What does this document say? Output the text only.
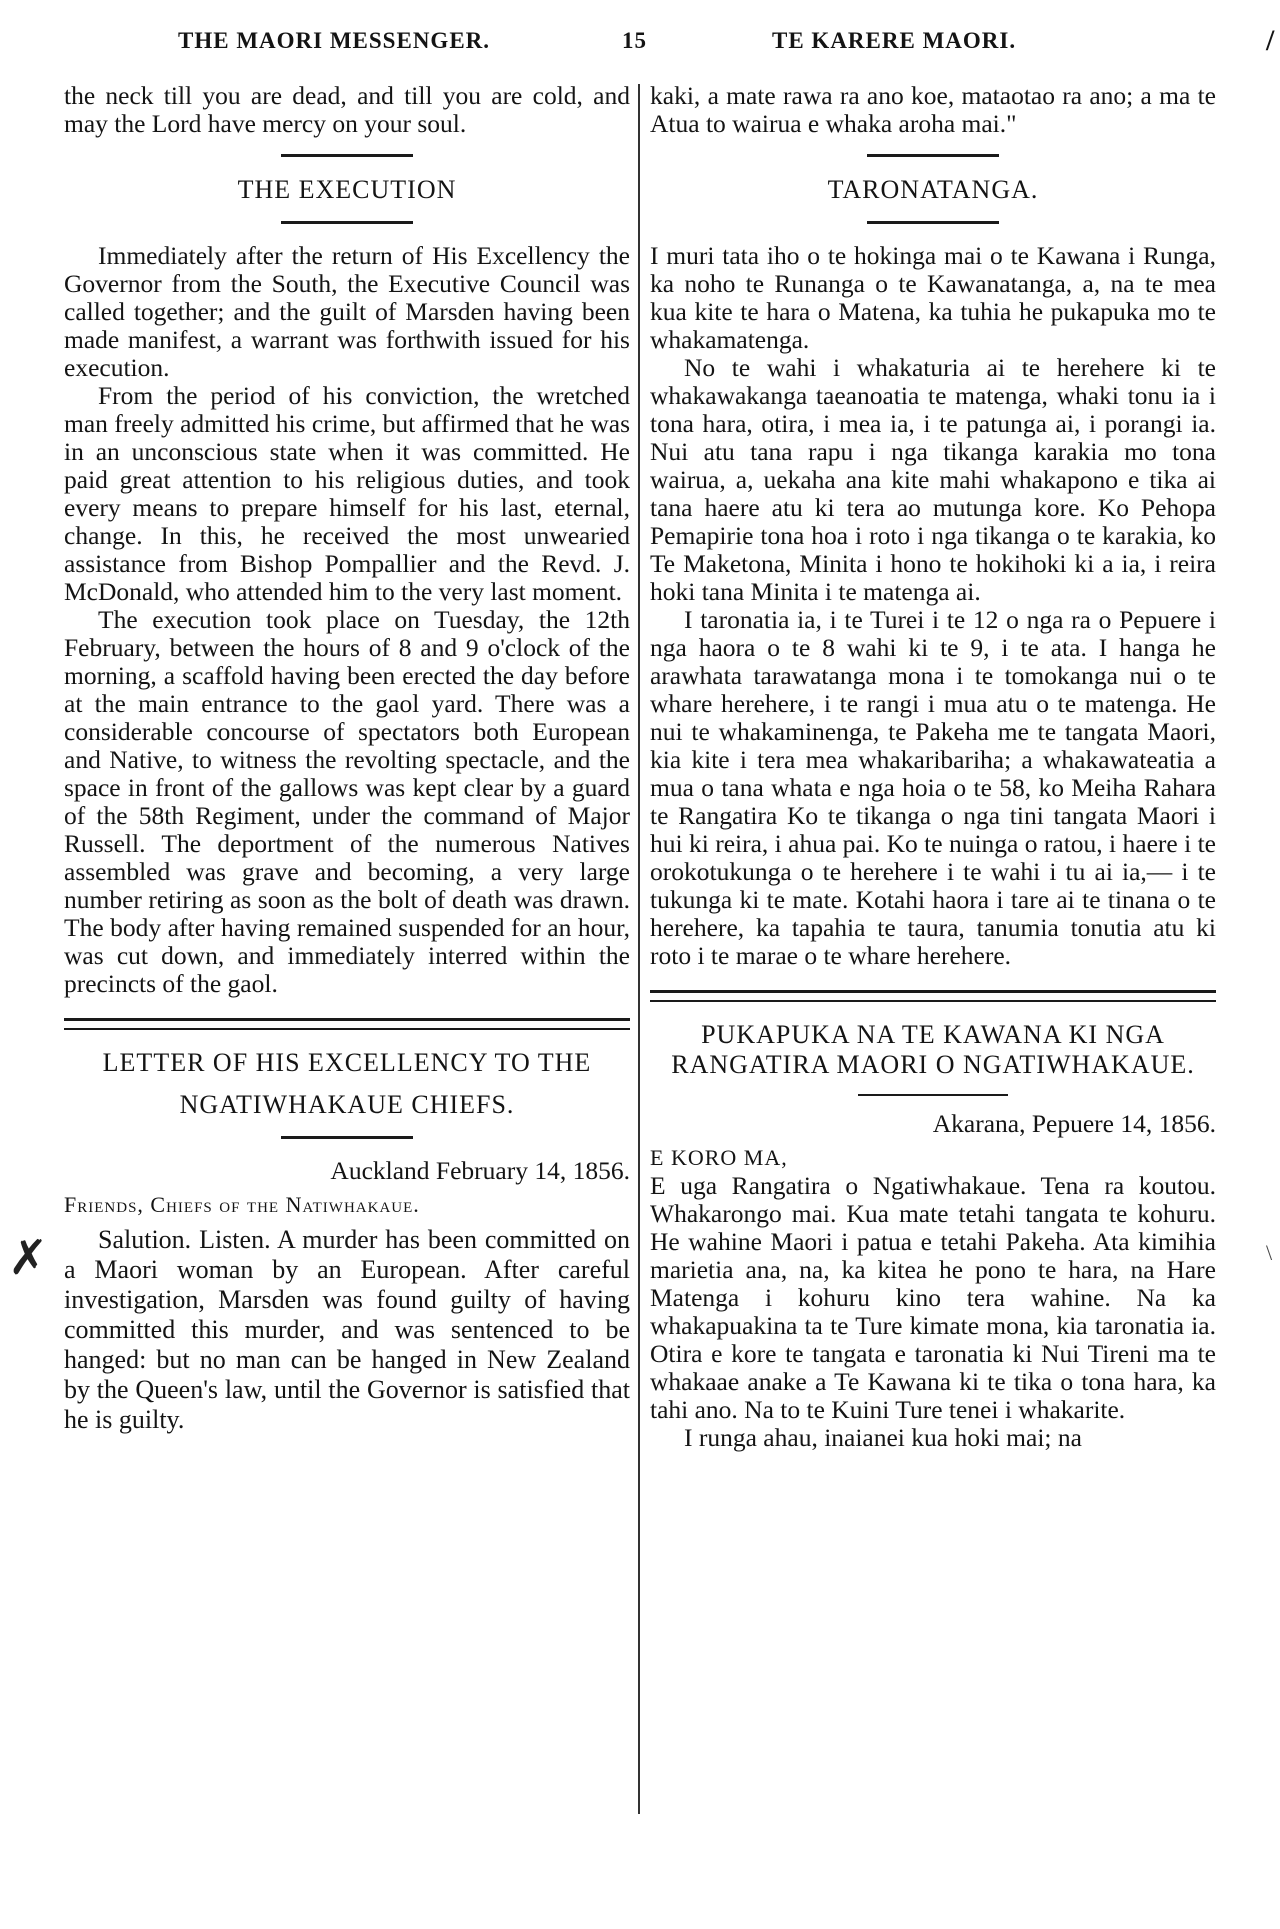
THE MAORI MESSENGER.	15	TE KARERE MAORI.	/

the neck till you are dead, and till you are cold, and may the Lord have mercy on your soul.

THE EXECUTION

Immediately after the return of His Excellency the Governor from the South, the Executive Council was called together; and the guilt of Marsden having been made manifest, a warrant was forthwith issued for his execution.

From the period of his conviction, the wretched man freely admitted his crime, but affirmed that he was in an unconscious state when it was committed. He paid great attention to his religious duties, and took every means to prepare himself for his last, eternal, change. In this, he received the most unwearied assistance from Bishop Pompallier and the Revd. J. McDonald, who attended him to the very last moment.

The execution took place on Tuesday, the 12th February, between the hours of 8 and 9 o'clock of the morning, a scaffold having been erected the day before at the main entrance to the gaol yard. There was a considerable concourse of spectators both European and Native, to witness the revolting spectacle, and the space in front of the gallows was kept clear by a guard of the 58th Regiment, under the command of Major Russell. The deportment of the numerous Natives assembled was grave and becoming, a very large number retiring as soon as the bolt of death was drawn. The body after having remained suspended for an hour, was cut down, and immediately interred within the precincts of the gaol.

LETTER OF HIS EXCELLENCY TO THE
NGATIWHAKAUE CHIEFS.

Auckland February 14, 1856.

Friends, Chiefs of the Natiwhakaue.

Salution. Listen. A murder has been committed on a Maori woman by an European. After careful investigation, Marsden was found guilty of having committed this murder, and was sentenced to be hanged: but no man can be hanged in New Zealand by the Queen's law, until the Governor is satisfied that he is guilty.

kaki, a mate rawa ra ano koe, mataotao ra ano; a ma te Atua to wairua e whaka aroha mai."

TARONATANGA.

I muri tata iho o te hokinga mai o te Kawana i Runga, ka noho te Runanga o te Kawanatanga, a, na te mea kua kite te hara o Matena, ka tuhia he pukapuka mo te whakamatenga.

No te wahi i whakaturia ai te herehere ki te whakawakanga taeanoatia te matenga, whaki tonu ia i tona hara, otira, i mea ia, i te patunga ai, i porangi ia. Nui atu tana rapu i nga tikanga karakia mo tona wairua, a, uekaha ana kite mahi whakapono e tika ai tana haere atu ki tera ao mutunga kore. Ko Pehopa Pemapirie tona hoa i roto i nga tikanga o te karakia, ko Te Maketona, Minita i hono te hokihoki ki a ia, i reira hoki tana Minita i te matenga ai.

I taronatia ia, i te Turei i te 12 o nga ra o Pepuere i nga haora o te 8 wahi ki te 9, i te ata. I hanga he arawhata tarawatanga mona i te tomokanga nui o te whare herehere, i te rangi i mua atu o te matenga. He nui te whakaminenga, te Pakeha me te tangata Maori, kia kite i tera mea whakaribariha; a whakawateatia a mua o tana whata e nga hoia o te 58, ko Meiha Rahara te Rangatira Ko te tikanga o nga tini tangata Maori i hui ki reira, i ahua pai. Ko te nuinga o ratou, i haere i te orokotukunga o te herehere i te wahi i tu ai ia,— i te tukunga ki te mate. Kotahi haora i tare ai te tinana o te herehere, ka tapahia te taura, tanumia tonutia atu ki roto i te marae o te whare herehere.

PUKAPUKA NA TE KAWANA KI NGA RANGATIRA MAORI O NGATIWHAKAUE.

Akarana, Pepuere 14, 1856.

E KORO MA,

E uga Rangatira o Ngatiwhakaue. Tena ra koutou. Whakarongo mai. Kua mate tetahi tangata te kohuru. He wahine Maori i patua e tetahi Pakeha. Ata kimihia marietia ana, na, ka kitea he pono te hara, na Hare Matenga i kohuru kino tera wahine. Na ka whakapuakina ta te Ture kimate mona, kia taronatia ia. Otira e kore te tangata e taronatia ki Nui Tireni ma te whakaae anake a Te Kawana ki te tika o tona hara, ka tahi ano. Na to te Kuini Ture tenei i whakarite.

I runga ahau, inaianei kua hoki mai; na

✗	\
